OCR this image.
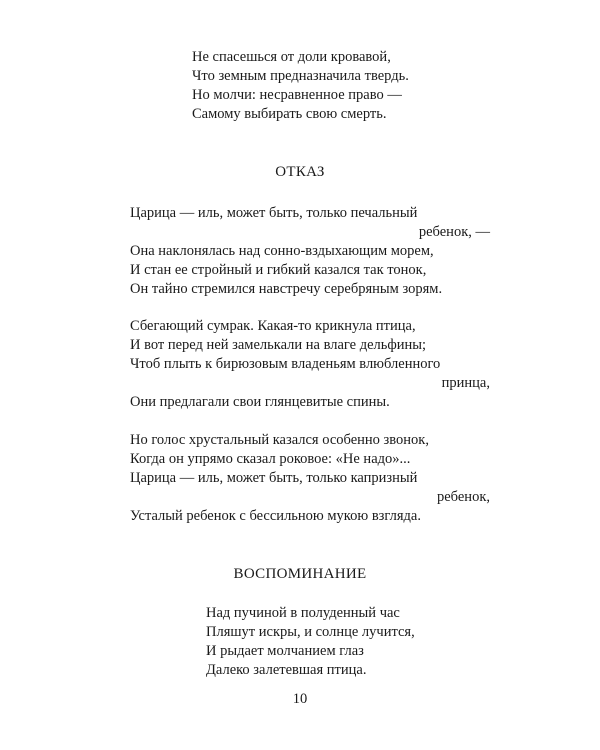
Не спасешься от доли кровавой,
Что земным предназначила твердь.
Но молчи: несравненное право —
Самому выбирать свою смерть.
ОТКАЗ
Царица — иль, может быть, только печальный
ребенок, —
Она наклонялась над сонно-вздыхающим морем,
И стан ее стройный и гибкий казался так тонок,
Он тайно стремился навстречу серебряным зорям.
Сбегающий сумрак. Какая-то крикнула птица,
И вот перед ней замелькали на влаге дельфины;
Чтоб плыть к бирюзовым владеньям влюбленного
принца,
Они предлагали свои глянцевитые спины.
Но голос хрустальный казался особенно звонок,
Когда он упрямо сказал роковое: «Не надо»...
Царица — иль, может быть, только капризный
ребенок,
Усталый ребенок с бессильною мукою взгляда.
ВОСПОМИНАНИЕ
Над пучиной в полуденный час
Пляшут искры, и солнце лучится,
И рыдает молчанием глаз
Далеко залетевшая птица.
10
